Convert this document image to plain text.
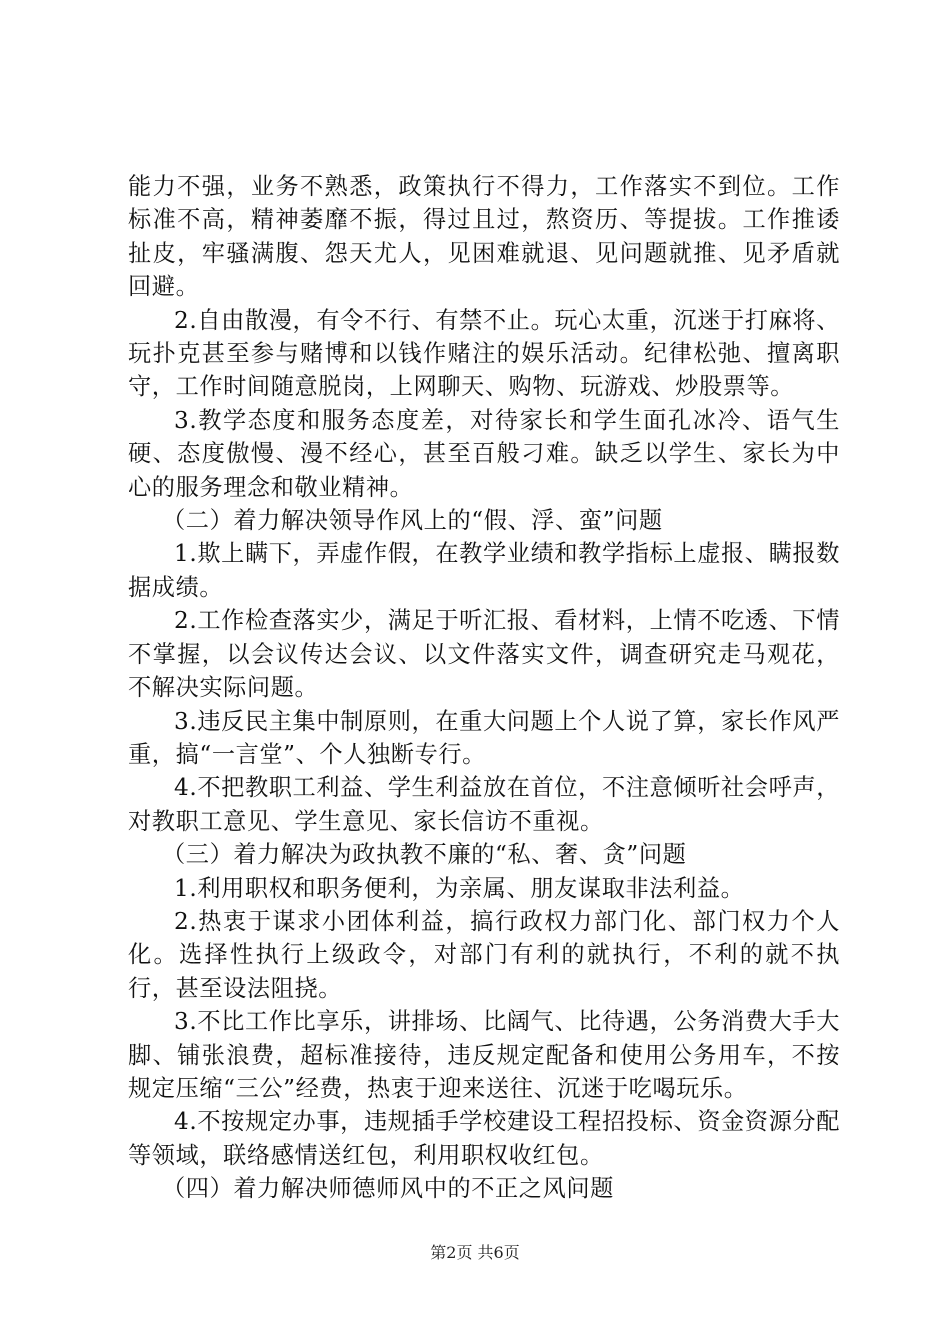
能力不强，业务不熟悉，政策执行不得力，工作落实不到位。工作标准不高，精神萎靡不振，得过且过，熬资历、等提拔。工作推诿扯皮，牢骚满腹、怨天尤人，见困难就退、见问题就推、见矛盾就回避。

2.自由散漫，有令不行、有禁不止。玩心太重，沉迷于打麻将、玩扑克甚至参与赌博和以钱作赌注的娱乐活动。纪律松弛、擅离职守，工作时间随意脱岗，上网聊天、购物、玩游戏、炒股票等。

3.教学态度和服务态度差，对待家长和学生面孔冰冷、语气生硬、态度傲慢、漫不经心，甚至百般刁难。缺乏以学生、家长为中心的服务理念和敬业精神。

（二）着力解决领导作风上的“假、浮、蛮”问题

1.欺上瞒下，弄虚作假，在教学业绩和教学指标上虚报、瞒报数据成绩。

2.工作检查落实少，满足于听汇报、看材料，上情不吃透、下情不掌握，以会议传达会议、以文件落实文件，调查研究走马观花，不解决实际问题。

3.违反民主集中制原则，在重大问题上个人说了算，家长作风严重，搞“一言堂”、个人独断专行。

4.不把教职工利益、学生利益放在首位，不注意倾听社会呼声，对教职工意见、学生意见、家长信访不重视。

（三）着力解决为政执教不廉的“私、奢、贪”问题

1.利用职权和职务便利，为亲属、朋友谋取非法利益。

2.热衷于谋求小团体利益，搞行政权力部门化、部门权力个人化。选择性执行上级政令，对部门有利的就执行，不利的就不执行，甚至设法阻挠。

3.不比工作比享乐，讲排场、比阔气、比待遇，公务消费大手大脚、铺张浪费，超标准接待，违反规定配备和使用公务用车，不按规定压缩“三公”经费，热衷于迎来送往、沉迷于吃喝玩乐。

4.不按规定办事，违规插手学校建设工程招投标、资金资源分配等领域，联络感情送红包，利用职权收红包。

（四）着力解决师德师风中的不正之风问题

第2页 共6页
